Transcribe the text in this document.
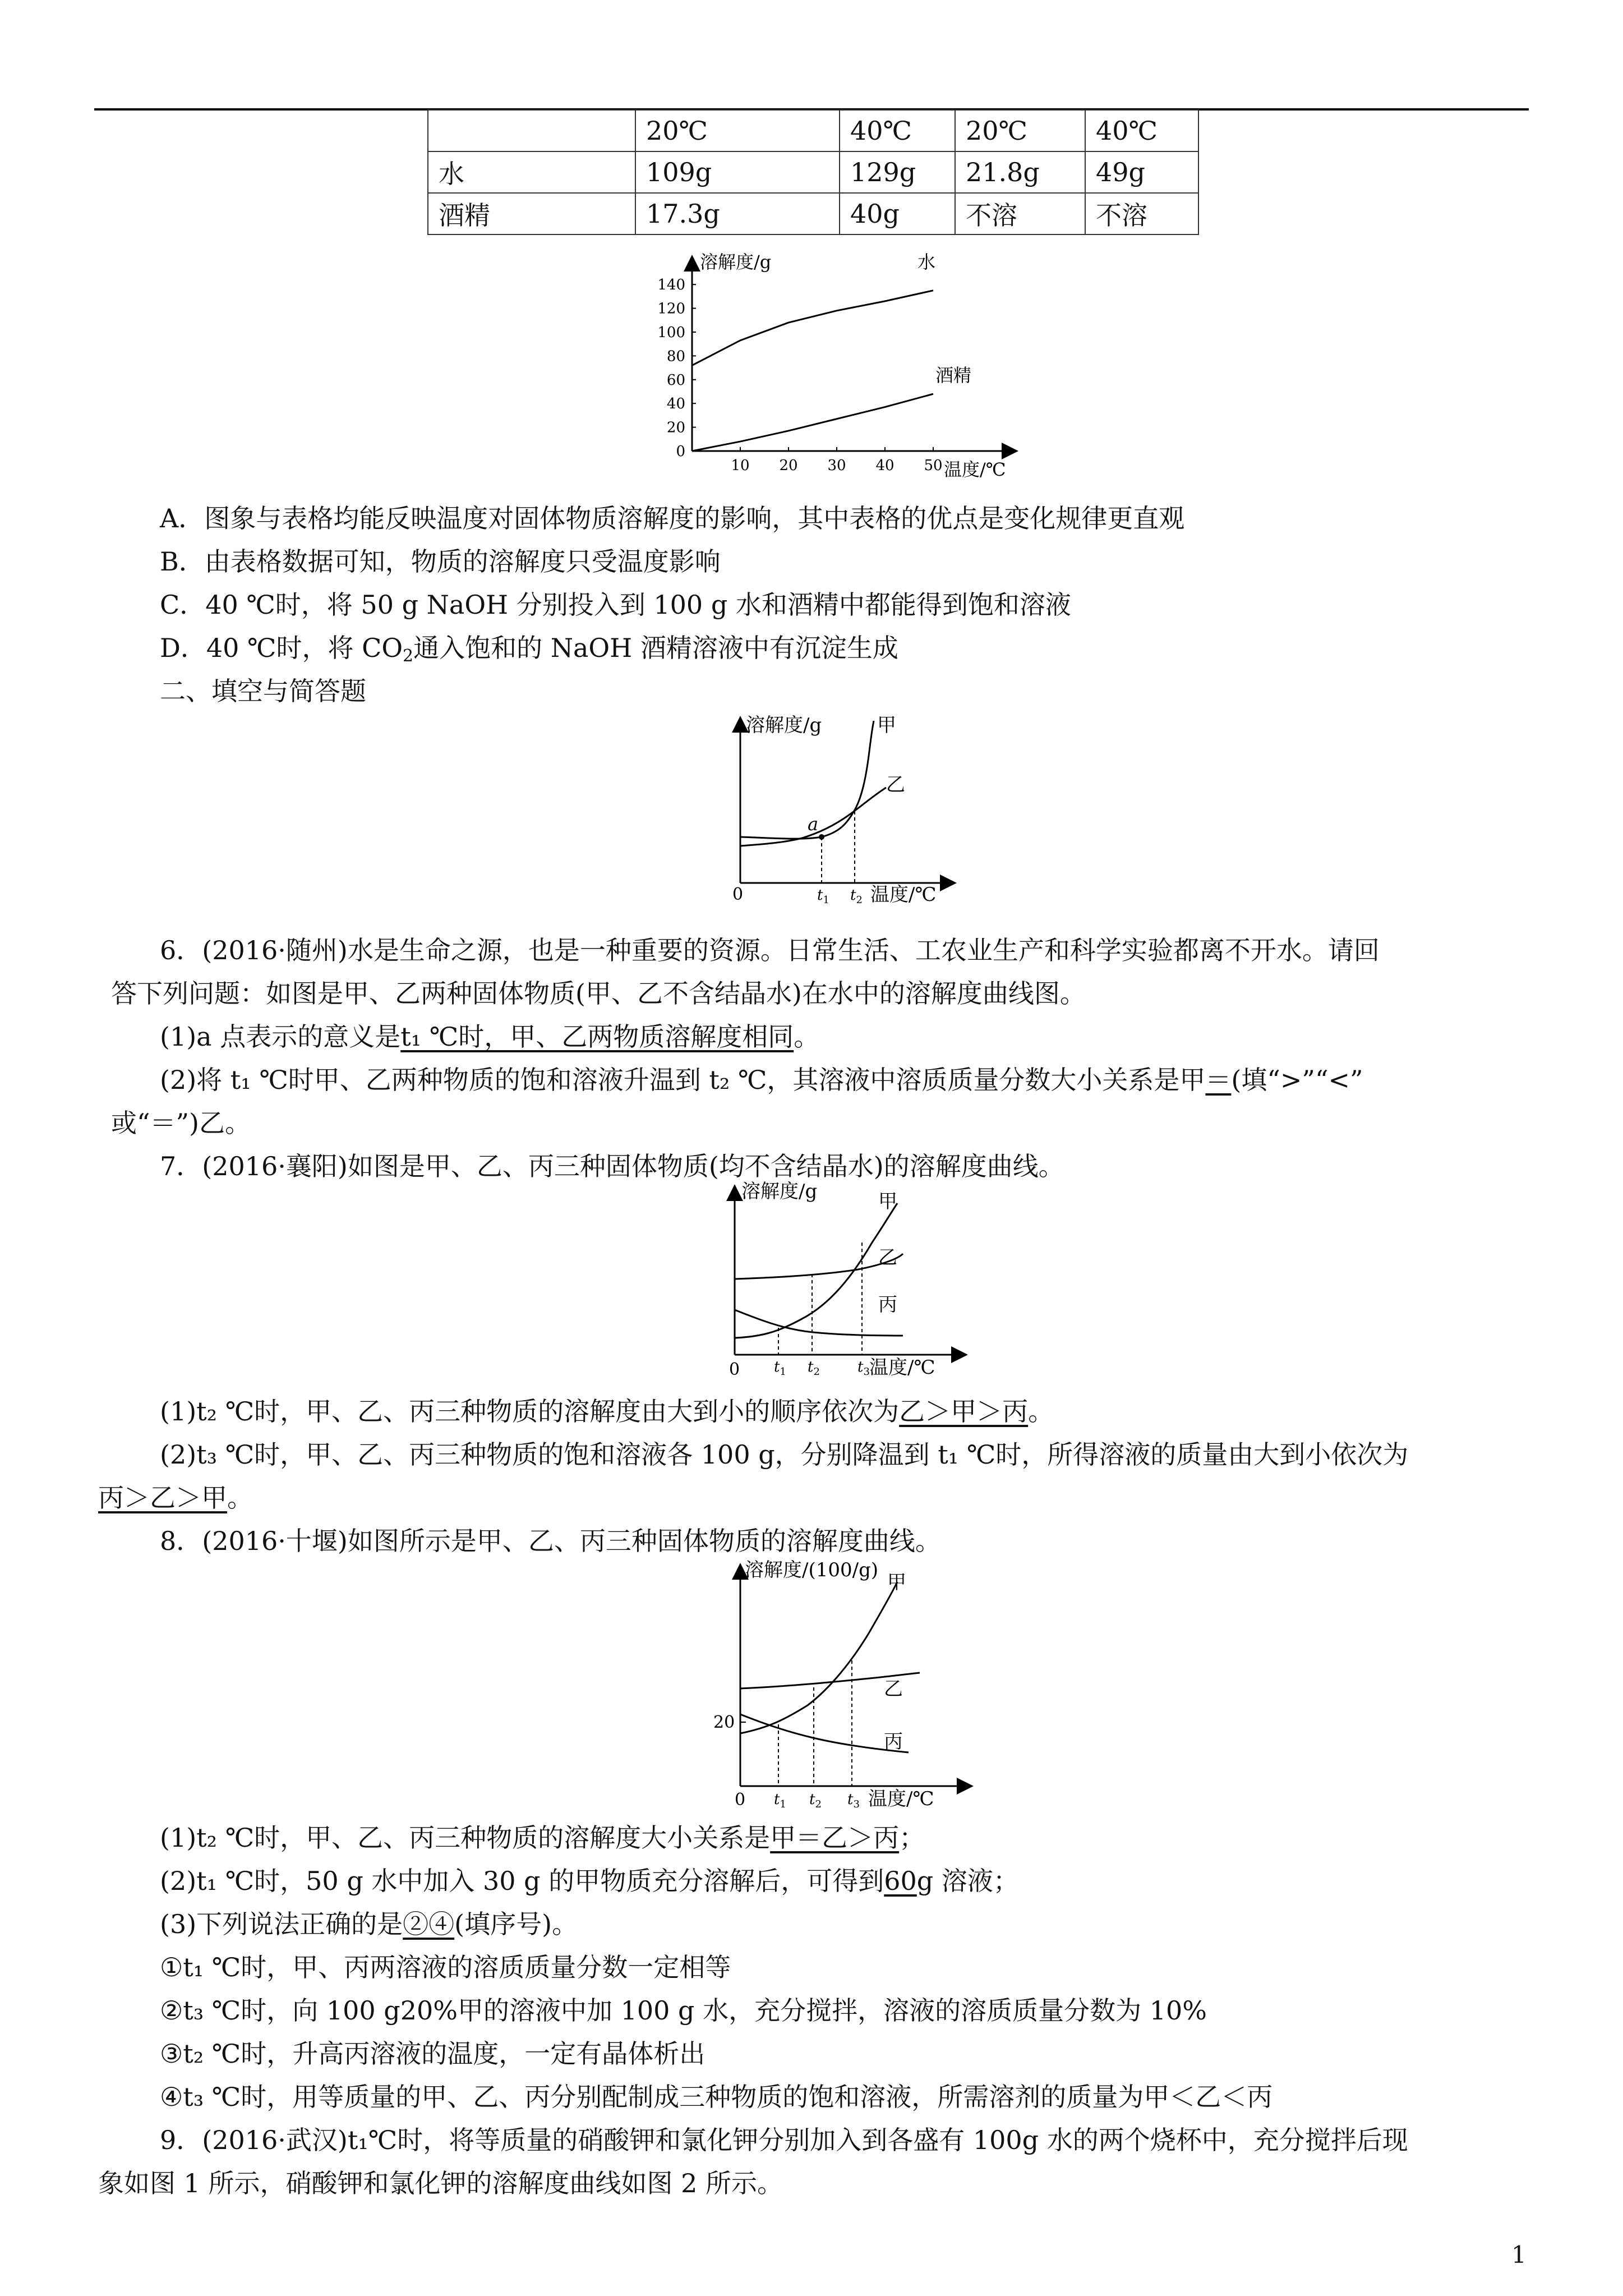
	20℃	40℃	20℃	40℃
水	109g	129g	21.8g	49g
酒精	17.3g	40g	不溶	不溶
0
20
40
60
80
100
120
140
10 20 30 40 50
溶解度/g
温度/℃
水
酒精
A．图象与表格均能反映温度对固体物质溶解度的影响，其中表格的优点是变化规律更直观
B．由表格数据可知，物质的溶解度只受温度影响
C．40 ℃时，将 50 g NaOH 分别投入到 100 g 水和酒精中都能得到饱和溶液
D．40 ℃时，将 $CO_2$通入饱和的 NaOH 酒精溶液中有沉淀生成
二、填空与简答题
溶解度/g	甲
乙
a
0	$t_1$ $t_2$ 温度/℃
6．(2016·随州)水是生命之源，也是一种重要的资源。日常生活、工农业生产和科学实验都离不开水。请回
答下列问题：如图是甲、乙两种固体物质(甲、乙不含结晶水)在水中的溶解度曲线图。
(1)a 点表示的意义是t₁ ℃时，甲、乙两物质溶解度相同。
(2)将 t₁ ℃时甲、乙两种物质的饱和溶液升温到 t₂ ℃，其溶液中溶质质量分数大小关系是甲＝(填“>”“<”
或“＝”)乙。
7．(2016·襄阳)如图是甲、乙、丙三种固体物质(均不含结晶水)的溶解度曲线。
溶解度/g	甲
乙
丙
0 $t_1$ $t_2$	$t_3$ 温度/℃
(1)t₂ ℃时，甲、乙、丙三种物质的溶解度由大到小的顺序依次为乙＞甲＞丙。
(2)t₃ ℃时，甲、乙、丙三种物质的饱和溶液各 100 g，分别降温到 t₁ ℃时，所得溶液的质量由大到小依次为
丙＞乙＞甲。
8．(2016·十堰)如图所示是甲、乙、丙三种固体物质的溶解度曲线。
溶解度/(100/g)
甲
乙
丙
20
0 $t_1$ $t_2$ $t_3$ 温度/℃
(1)t₂ ℃时，甲、乙、丙三种物质的溶解度大小关系是甲＝乙＞丙；
(2)t₁ ℃时，50 g 水中加入 30 g 的甲物质充分溶解后，可得到60g 溶液；
(3)下列说法正确的是②④(填序号)。
①t₁ ℃时，甲、丙两溶液的溶质质量分数一定相等
②t₃ ℃时，向 100 g20%甲的溶液中加 100 g 水，充分搅拌，溶液的溶质质量分数为 10%
③t₂ ℃时，升高丙溶液的温度，一定有晶体析出
④t₃ ℃时，用等质量的甲、乙、丙分别配制成三种物质的饱和溶液，所需溶剂的质量为甲＜乙＜丙
9．(2016·武汉)t₁℃时，将等质量的硝酸钾和氯化钾分别加入到各盛有 100g 水的两个烧杯中，充分搅拌后现
象如图 1 所示，硝酸钾和氯化钾的溶解度曲线如图 2 所示。
1
